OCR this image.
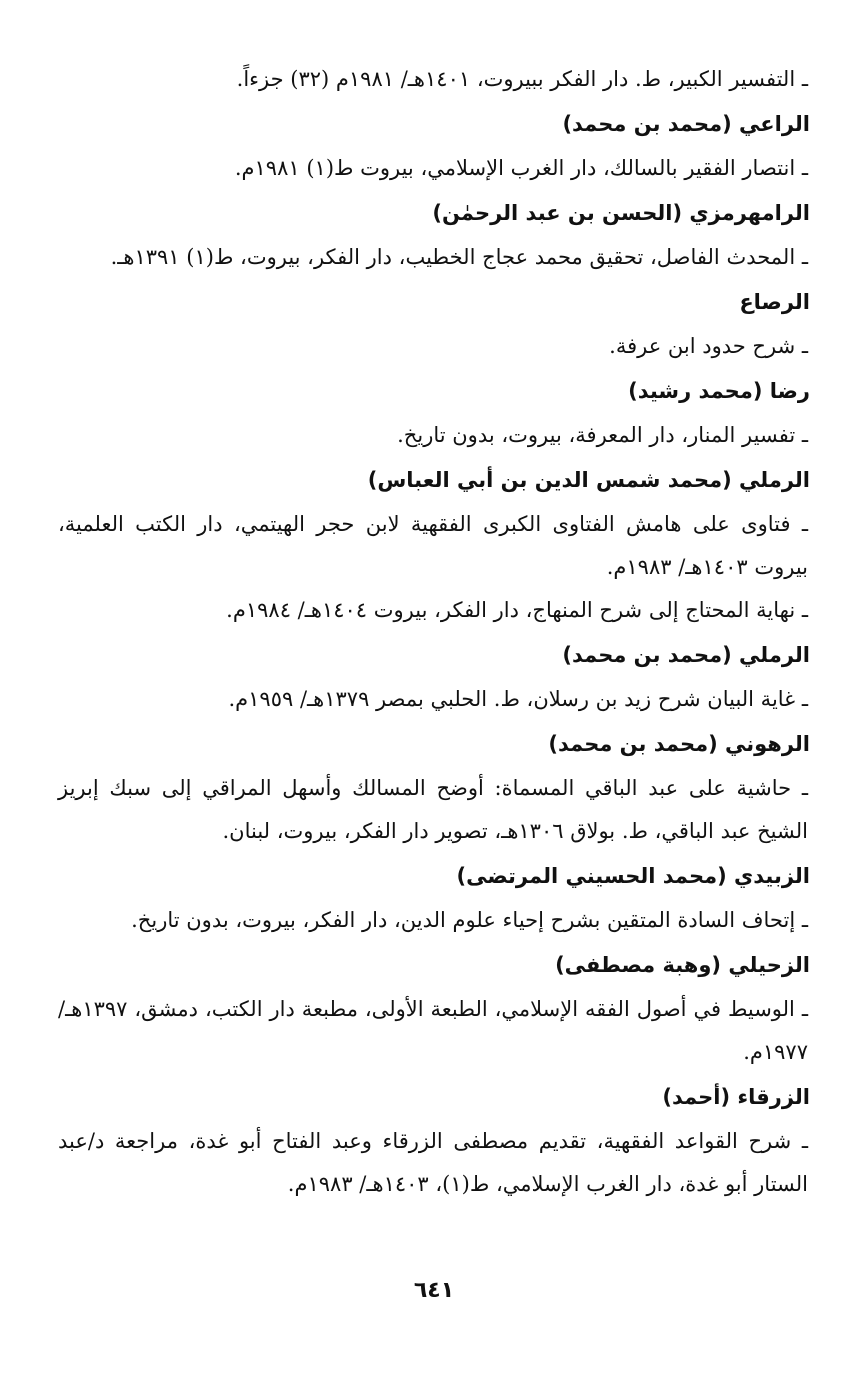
ـ التفسير الكبير، ط. دار الفكر ببيروت، ١٤٠١هـ/ ١٩٨١م (٣٢) جزءاً.
الراعي (محمد بن محمد)
ـ انتصار الفقير بالسالك، دار الغرب الإسلامي، بيروت ط(١) ١٩٨١م.
الرامهرمزي (الحسن بن عبد الرحمٰن)
ـ المحدث الفاصل، تحقيق محمد عجاج الخطيب، دار الفكر، بيروت، ط(١) ١٣٩١هـ.
الرصاع
ـ شرح حدود ابن عرفة.
رضا (محمد رشيد)
ـ تفسير المنار، دار المعرفة، بيروت، بدون تاريخ.
الرملي (محمد شمس الدين بن أبي العباس)
ـ فتاوى على هامش الفتاوى الكبرى الفقهية لابن حجر الهيتمي، دار الكتب العلمية، بيروت ١٤٠٣هـ/ ١٩٨٣م.
ـ نهاية المحتاج إلى شرح المنهاج، دار الفكر، بيروت ١٤٠٤هـ/ ١٩٨٤م.
الرملي (محمد بن محمد)
ـ غاية البيان شرح زيد بن رسلان، ط. الحلبي بمصر ١٣٧٩هـ/ ١٩٥٩م.
الرهوني (محمد بن محمد)
ـ حاشية على عبد الباقي المسماة: أوضح المسالك وأسهل المراقي إلى سبك إبريز الشيخ عبد الباقي، ط. بولاق ١٣٠٦هـ، تصوير دار الفكر، بيروت، لبنان.
الزبيدي (محمد الحسيني المرتضى)
ـ إتحاف السادة المتقين بشرح إحياء علوم الدين، دار الفكر، بيروت، بدون تاريخ.
الزحيلي (وهبة مصطفى)
ـ الوسيط في أصول الفقه الإسلامي، الطبعة الأولى، مطبعة دار الكتب، دمشق، ١٣٩٧هـ/ ١٩٧٧م.
الزرقاء (أحمد)
ـ شرح القواعد الفقهية، تقديم مصطفى الزرقاء وعبد الفتاح أبو غدة، مراجعة د/عبد الستار أبو غدة، دار الغرب الإسلامي، ط(١)، ١٤٠٣هـ/ ١٩٨٣م.
٦٤١
